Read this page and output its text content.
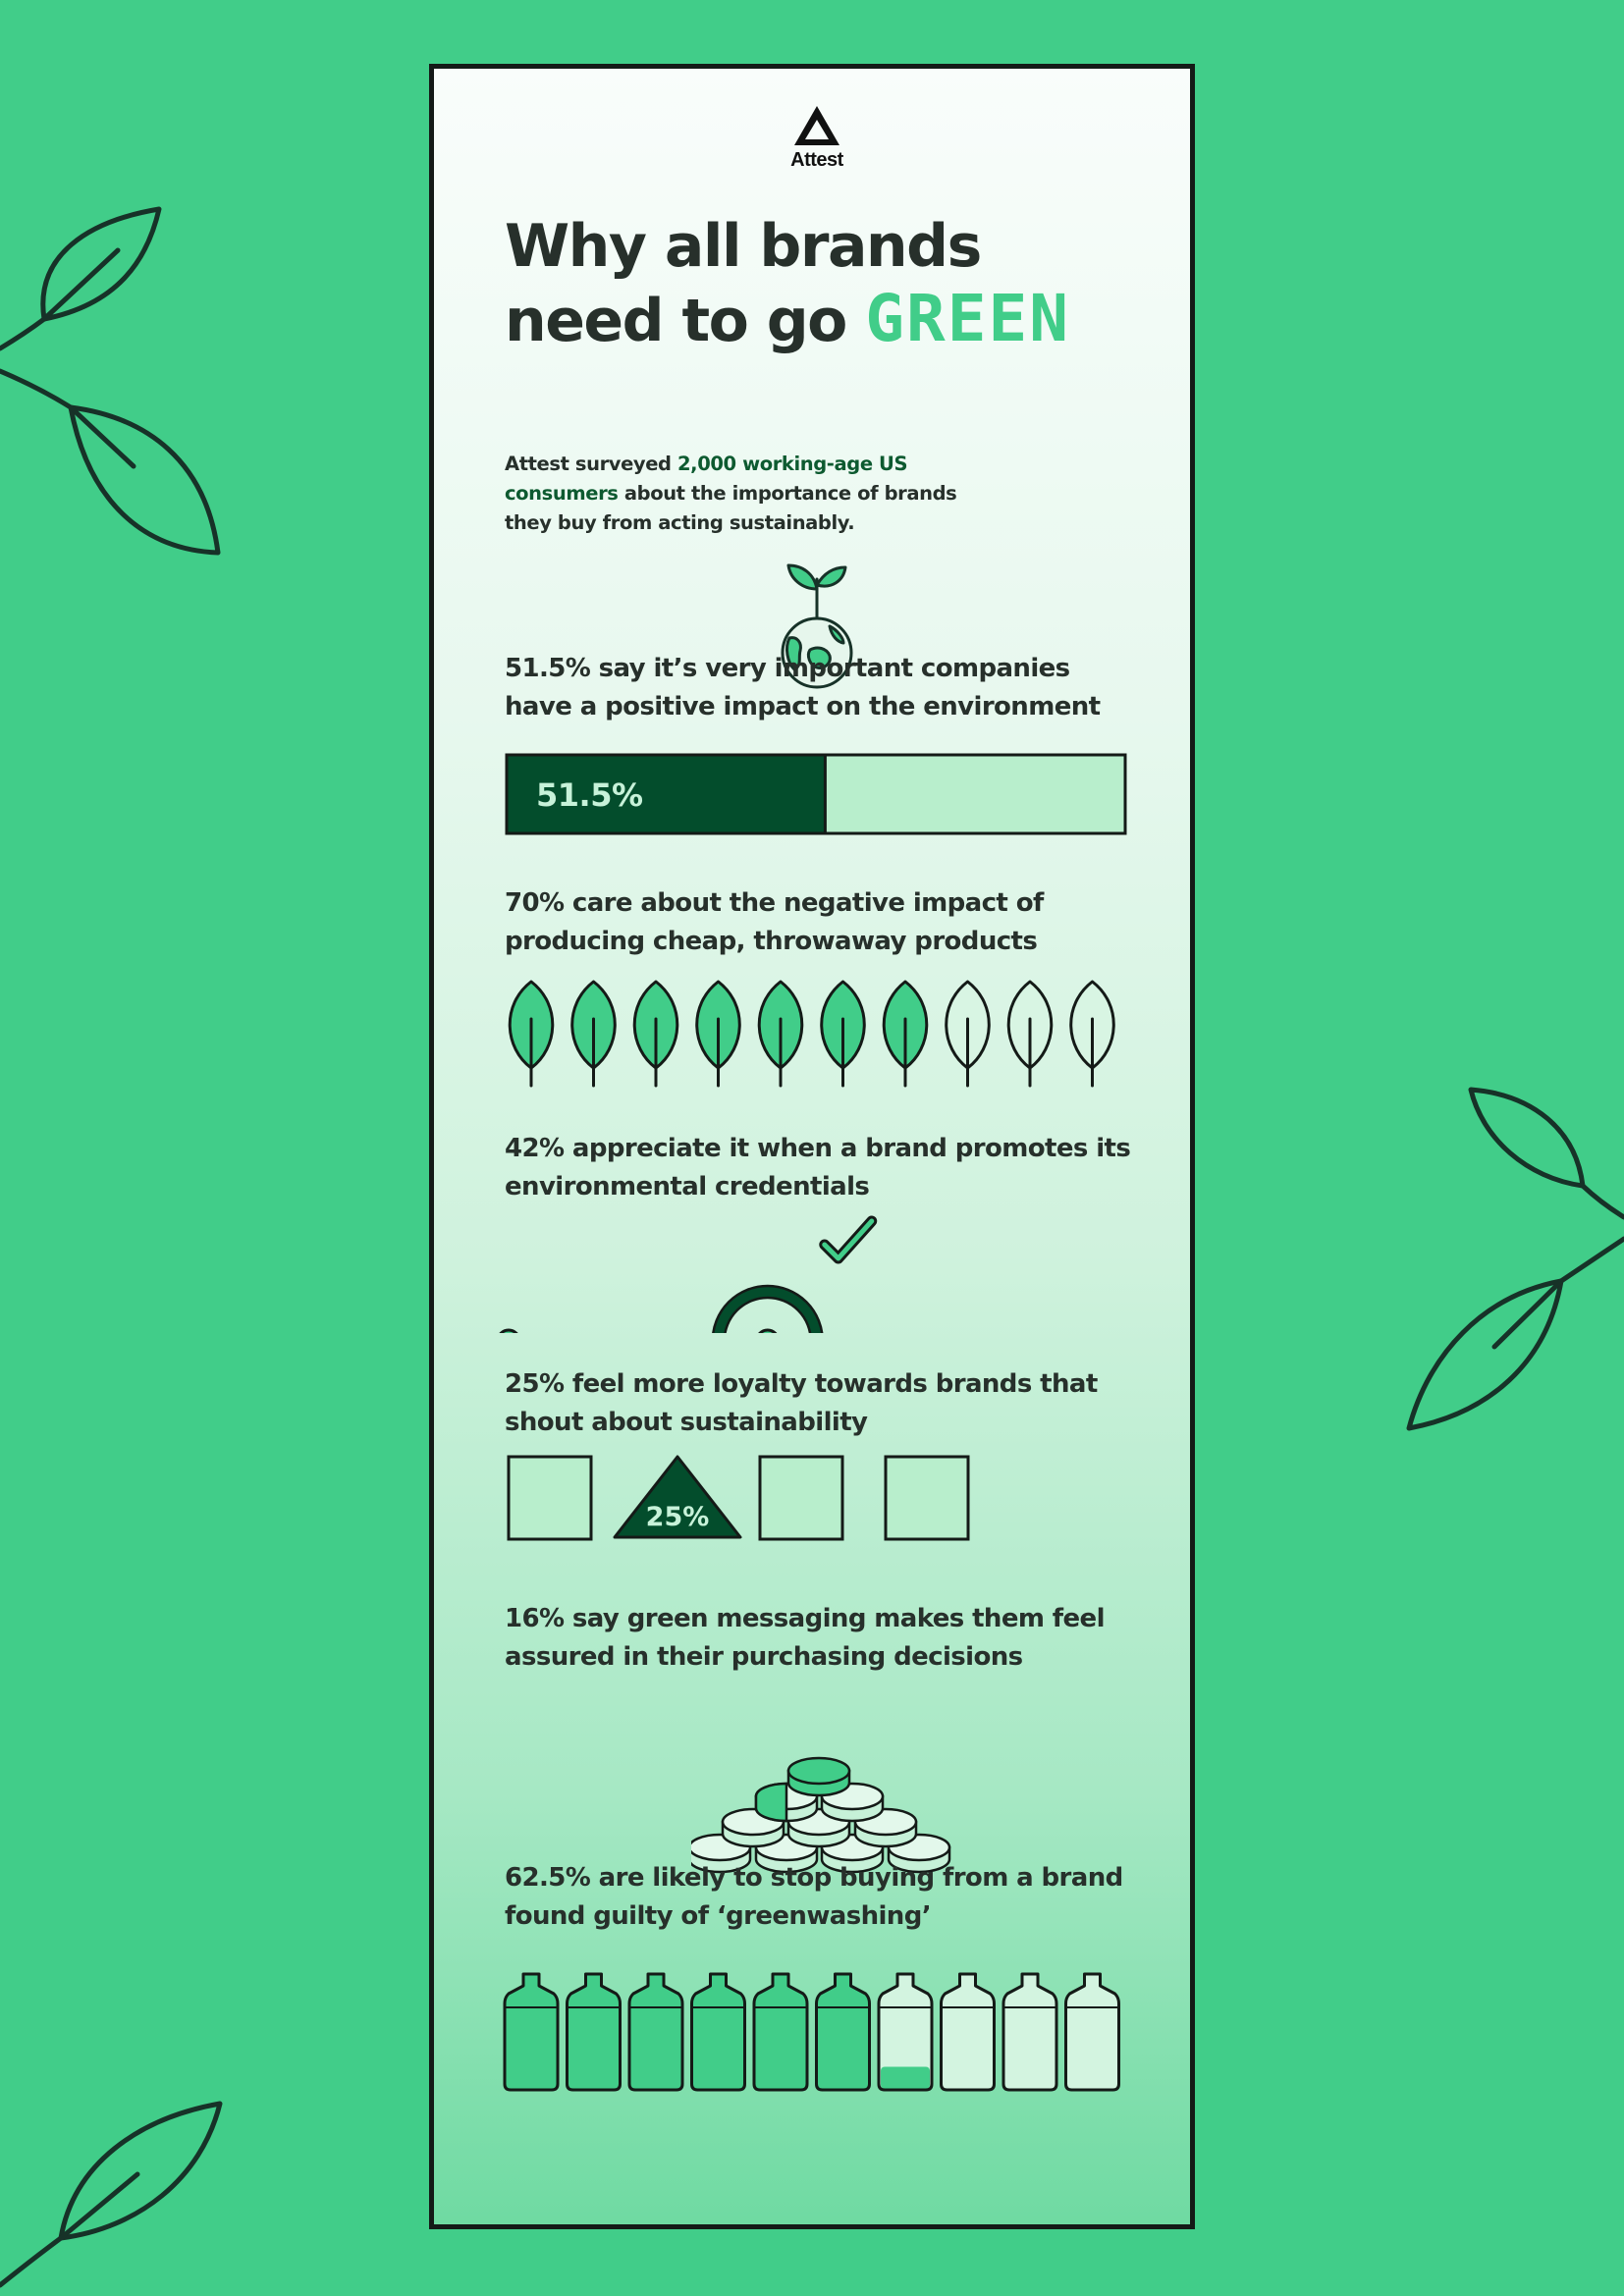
Attest
Why all brands
need to go GREEN

Attest surveyed 2,000 working-age US consumers about the importance of brands they buy from acting sustainably.

51.5% say it’s very important companies have a positive impact on the environment

51.5%

70% care about the negative impact of producing cheap, throwaway products

42% appreciate it when a brand promotes its environmental credentials

25% feel more loyalty towards brands that shout about sustainability

25%

16% say green messaging makes them feel assured in their purchasing decisions

62.5% are likely to stop buying from a brand found guilty of ‘greenwashing’
